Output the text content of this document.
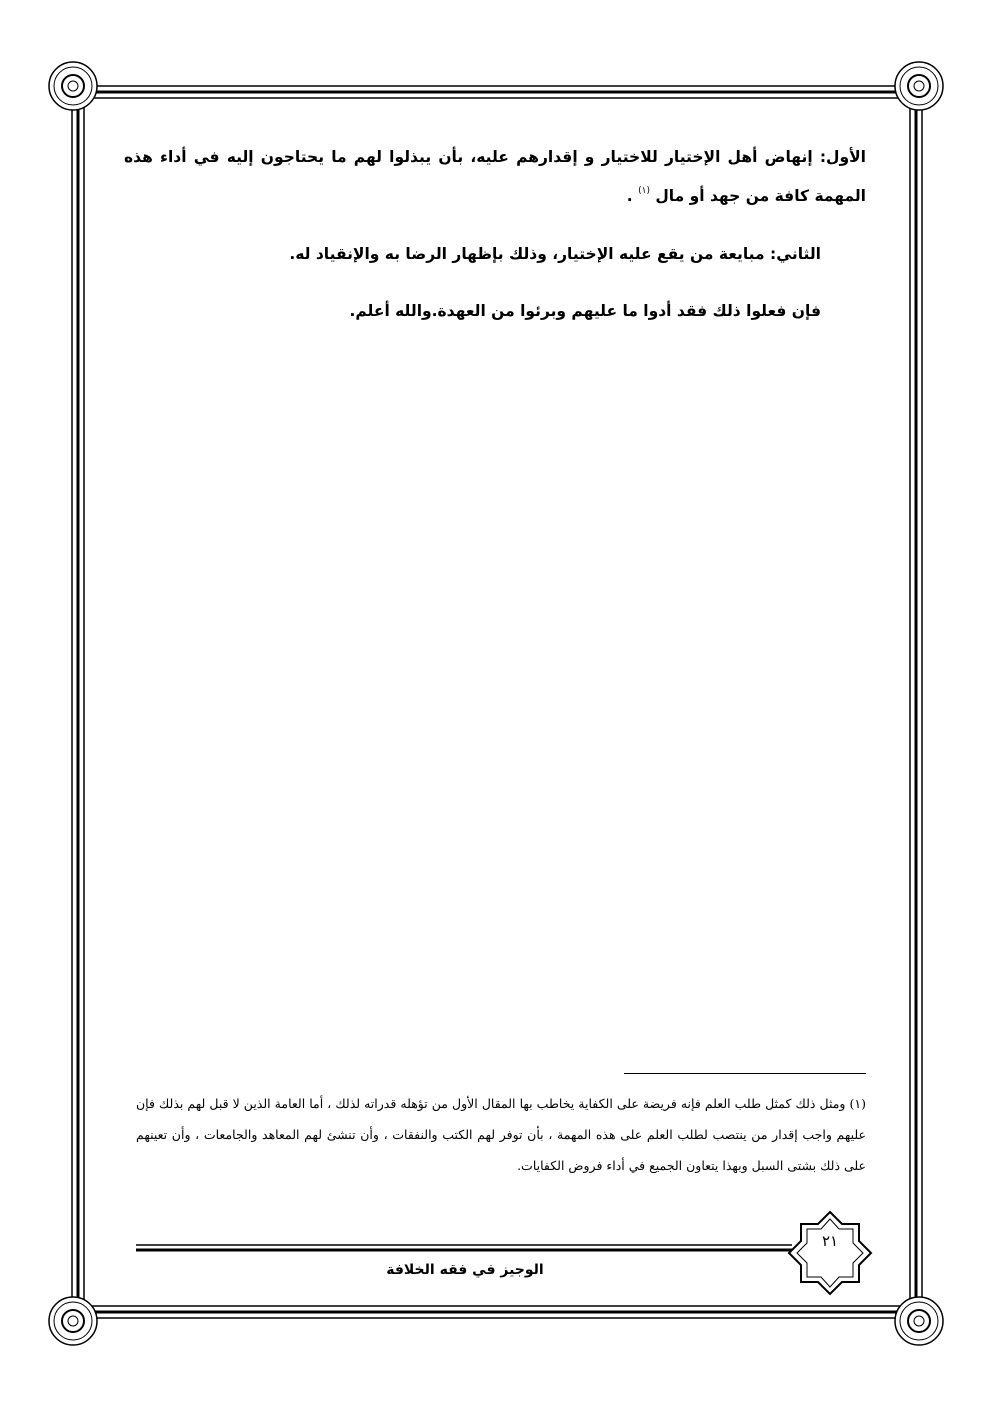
الأول: إنهاض أهل الإختيار للاختيار و إقدارهم عليه، بأن يبذلوا لهم ما يحتاجون إليه في أداء هذه المهمة كافة من جهد أو مال $^{(١)}$ .
الثاني: مبايعة من يقع عليه الإختيار، وذلك بإظهار الرضا به والإنقياد له.
فإن فعلوا ذلك فقد أدوا ما عليهم وبرئوا من العهدة.والله أعلم.
(١) ومثل ذلك كمثل طلب العلم فإنه فريضة على الكفاية يخاطب بها المقال الأول من تؤهله قدراته لذلك ، أما العامة الذين لا قبل لهم بذلك فإن عليهم واجب إقدار من ينتصب لطلب العلم على هذه المهمة ، بأن توفر لهم الكتب والنفقات ، وأن تنشئ لهم المعاهد والجامعات ، وأن تعينهم على ذلك بشتى السبل وبهذا يتعاون الجميع في أداء فروض الكفايات.
الوجيز في فقه الخلافة
٢١
